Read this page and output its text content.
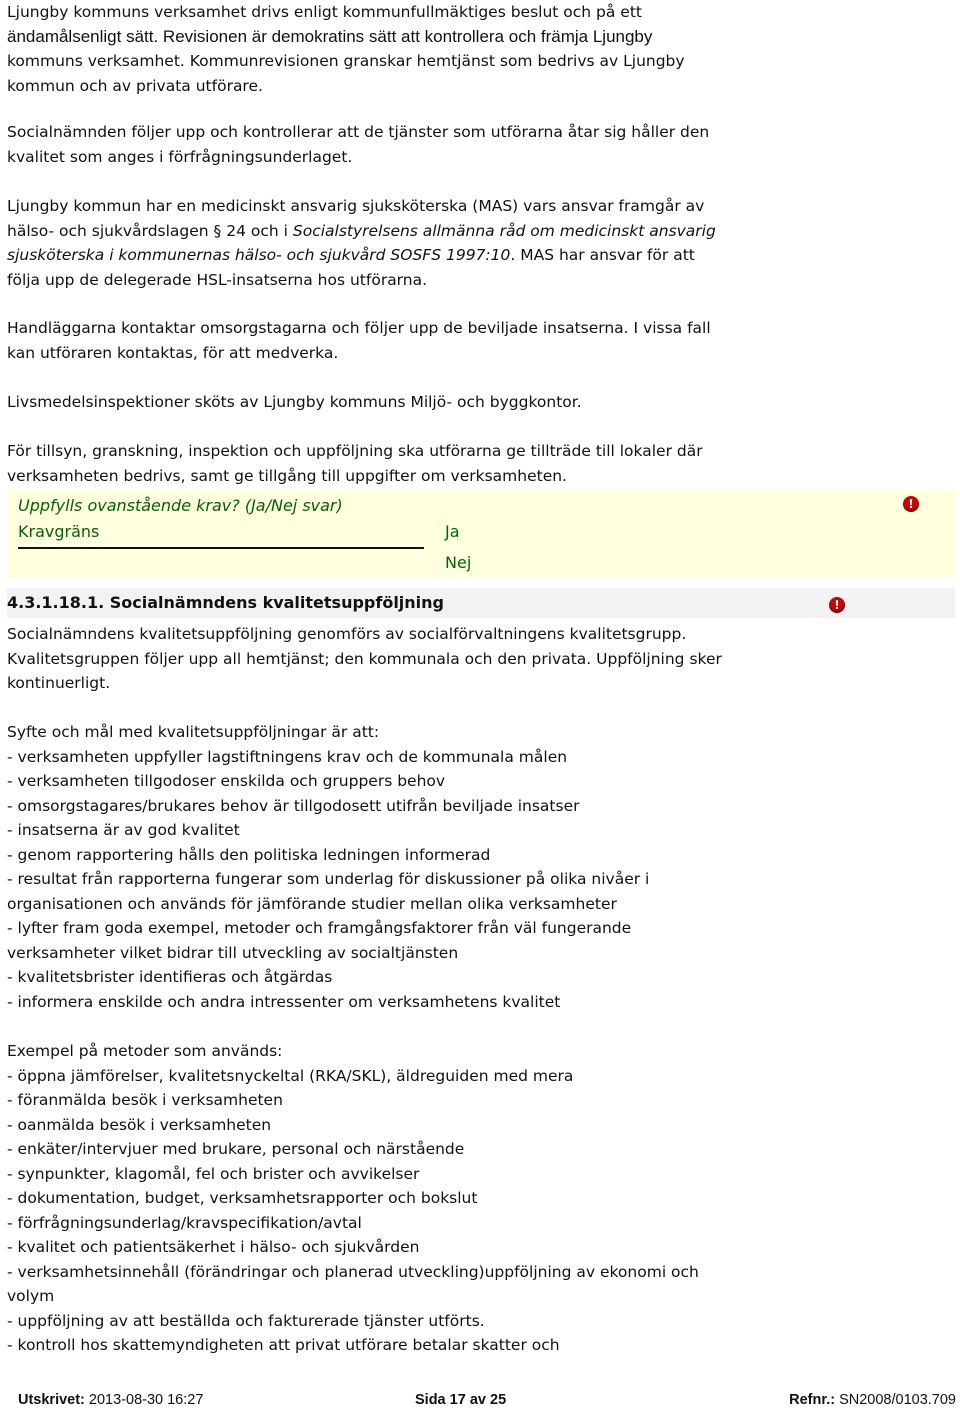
Ljungby kommuns verksamhet drivs enligt kommunfullmäktiges beslut och på ett
ändamålsenligt sätt. Revisionen är demokratins sätt att kontrollera och främja Ljungby
kommuns verksamhet. Kommunrevisionen granskar hemtjänst som bedrivs av Ljungby
kommun och av privata utförare.
Socialnämnden följer upp och kontrollerar att de tjänster som utförarna åtar sig håller den
kvalitet som anges i förfrågningsunderlaget.
Ljungby kommun har en medicinskt ansvarig sjuksköterska (MAS) vars ansvar framgår av
hälso- och sjukvårdslagen § 24 och i Socialstyrelsens allmänna råd om medicinskt ansvarig
sjusköterska i kommunernas hälso- och sjukvård SOSFS 1997:10. MAS har ansvar för att
följa upp de delegerade HSL-insatserna hos utförarna.
Handläggarna kontaktar omsorgstagarna och följer upp de beviljade insatserna. I vissa fall
kan utföraren kontaktas, för att medverka.
Livsmedelsinspektioner sköts av Ljungby kommuns Miljö- och byggkontor.
För tillsyn, granskning, inspektion och uppföljning ska utförarna ge tillträde till lokaler där
verksamheten bedrivs, samt ge tillgång till uppgifter om verksamheten.
Uppfylls ovanstående krav? (Ja/Nej svar)
Kravgräns	Ja
Nej
!
4.3.1.18.1. Socialnämndens kvalitetsuppföljning	!
Socialnämndens kvalitetsuppföljning genomförs av socialförvaltningens kvalitetsgrupp.
Kvalitetsgruppen följer upp all hemtjänst; den kommunala och den privata. Uppföljning sker
kontinuerligt.
Syfte och mål med kvalitetsuppföljningar är att:
- verksamheten uppfyller lagstiftningens krav och de kommunala målen
- verksamheten tillgodoser enskilda och gruppers behov
- omsorgstagares/brukares behov är tillgodosett utifrån beviljade insatser
- insatserna är av god kvalitet
- genom rapportering hålls den politiska ledningen informerad
- resultat från rapporterna fungerar som underlag för diskussioner på olika nivåer i
organisationen och används för jämförande studier mellan olika verksamheter
- lyfter fram goda exempel, metoder och framgångsfaktorer från väl fungerande
verksamheter vilket bidrar till utveckling av socialtjänsten
- kvalitetsbrister identifieras och åtgärdas
- informera enskilde och andra intressenter om verksamhetens kvalitet
Exempel på metoder som används:
- öppna jämförelser, kvalitetsnyckeltal (RKA/SKL), äldreguiden med mera
- föranmälda besök i verksamheten
- oanmälda besök i verksamheten
- enkäter/intervjuer med brukare, personal och närstående
- synpunkter, klagomål, fel och brister och avvikelser
- dokumentation, budget, verksamhetsrapporter och bokslut
- förfrågningsunderlag/kravspecifikation/avtal
- kvalitet och patientsäkerhet i hälso- och sjukvården
- verksamhetsinnehåll (förändringar och planerad utveckling)uppföljning av ekonomi och
volym
- uppföljning av att beställda och fakturerade tjänster utförts.
- kontroll hos skattemyndigheten att privat utförare betalar skatter och
Utskrivet: 2013-08-30 16:27	Sida 17 av 25	Refnr.: SN2008/0103.709
